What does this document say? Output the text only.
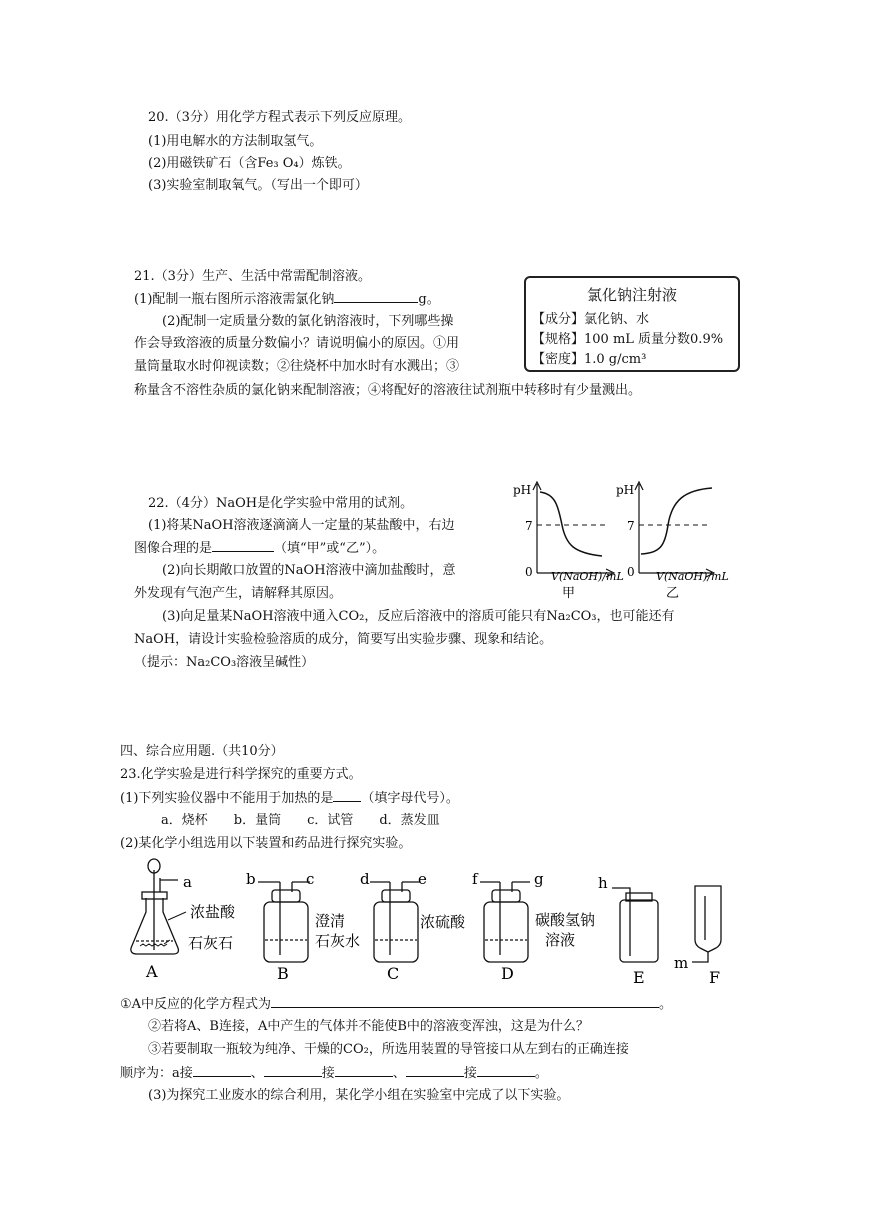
20.（3分）用化学方程式表示下列反应原理。
(1)用电解水的方法制取氢气。
(2)用磁铁矿石（含Fe₃ O₄）炼铁。
(3)实验室制取氧气。（写出一个即可）
21.（3分）生产、生活中常需配制溶液。
(1)配制一瓶右图所示溶液需氯化钠	g。
(2)配制一定质量分数的氯化钠溶液时，下列哪些操
作会导致溶液的质量分数偏小？请说明偏小的原因。①用
量筒量取水时仰视读数；②往烧杯中加水时有水溅出；③
称量含不溶性杂质的氯化钠来配制溶液；④将配好的溶液往试剂瓶中转移时有少量溅出。
氯化钠注射液
【成分】氯化钠、水
【规格】100 mL 质量分数0.9%
【密度】1.0 g/cm³
22.（4分）NaOH是化学实验中常用的试剂。
(1)将某NaOH溶液逐滴滴人一定量的某盐酸中，右边
图像合理的是	（填“甲”或“乙”）。
(2)向长期敞口放置的NaOH溶液中滴加盐酸时，意
外发现有气泡产生，请解释其原因。
(3)向足量某NaOH溶液中通入CO₂，反应后溶液中的溶质可能只有Na₂CO₃，也可能还有
NaOH，请设计实验检验溶质的成分，简要写出实验步骤、现象和结论。
（提示：Na₂CO₃溶液呈碱性）
pH
7
0 V(NaOH)/mL
甲
pH
7
0 V(NaOH)/mL
乙
四、综合应用题.（共10分）
23.化学实验是进行科学探究的重要方式。
(1)下列实验仪器中不能用于加热的是 （填字母代号）。
a．烧杯　　b．量筒　　c．试管　　d．蒸发皿
(2)某化学小组选用以下装置和药品进行探究实验。
a	b	c	d	e	f	g	h
m
A	B	C	D	E	F
浓盐酸
石灰石
澄清
石灰水
浓硫酸	碳酸氢钠
溶液
①A中反应的化学方程式为	。
②若将A、B连接，A中产生的气体并不能使B中的溶液变浑浊，这是为什么？
③若要制取一瓶较为纯净、干燥的CO₂，所选用装置的导管接口从左到右的正确连接
顺序为：a接	、	接	、	接	。
(3)为探究工业废水的综合利用，某化学小组在实验室中完成了以下实验。
